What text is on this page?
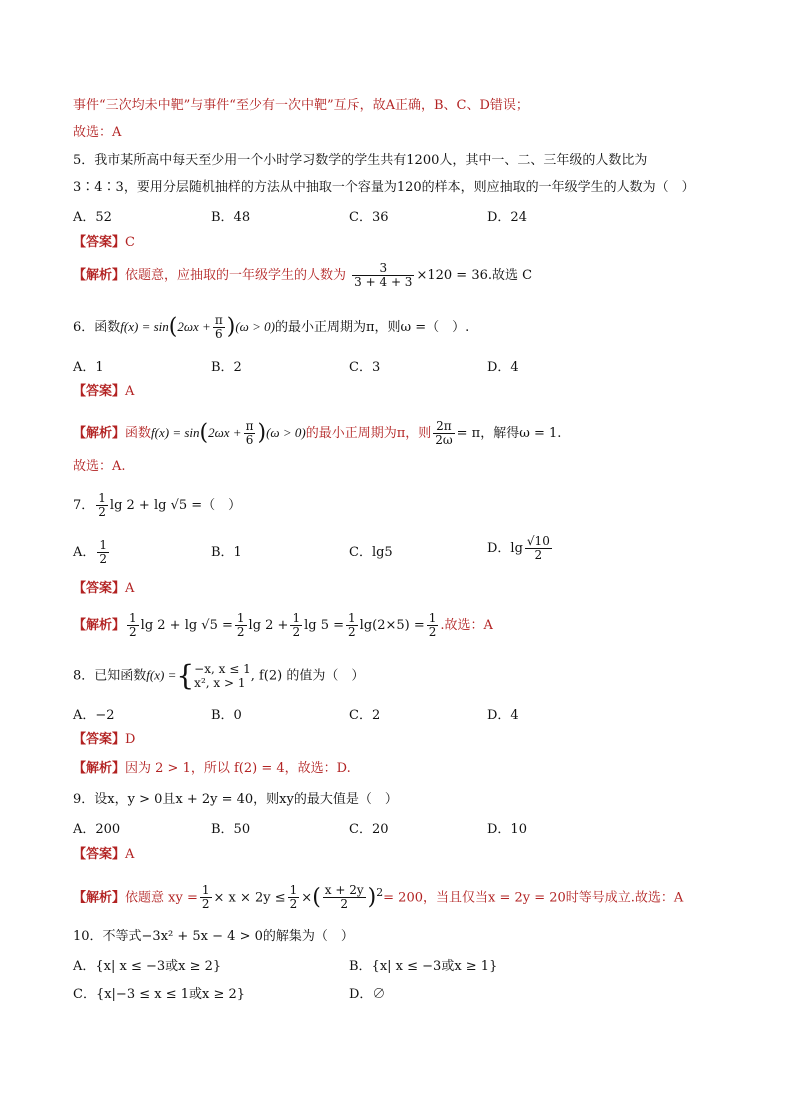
事件“三次均未中靶”与事件“至少有一次中靶”互斥，故A正确，B、C、D错误；
故选：A
5．我市某所高中每天至少用一个小时学习数学的学生共有1200人，其中一、二、三年级的人数比为
3∶4∶3，要用分层随机抽样的方法从中抽取一个容量为120的样本，则应抽取的一年级学生的人数为（　）
A．52	B．48	C．36	D．24
【答案】C
【解析】依题意，应抽取的一年级学生的人数为 $\frac{3}{3 + 4 + 3} \times 120 = 36$.故选 C
6．函数$f(x) = \sin(2\omega x + \frac{\pi}{6} )(\omega > 0)$的最小正周期为π，则ω =（　）.
A．1	B．2	C．3	D．4
【答案】A
【解析】函数$f(x) = \sin(2\omega x + \frac{\pi}{6} )(\omega > 0)$的最小正周期为π，则 $\frac{2\pi}{2\omega} = \pi$，解得ω = 1.
故选：A.
7． $\frac{1}{2}$ lg 2 + lg √5 =（　）
A． $\frac{1}{2}$	B．1	C．lg5	D．$\lg \frac{√10}{2}$
【答案】A
【解析】 $\frac{1}{2}$ $\lg 2 + \lg √5 = \frac{1}{2}$ $\lg 2 + \frac{1}{2}$ $\lg 5 = \frac{1}{2} \lg(2\times 5) = \frac{1}{2}$ .故选：A
8．已知函数f(x) ={ −x, x ≤ 1
x², x > 1 , f(2) 的值为（　）
A．−2	B．0	C．2	D．4
【答案】D
【解析】因为 2 > 1，所以 f(2) = 4，故选：D.
9．设x，y > 0且x + 2y = 40，则xy的最大值是（　）
A．200	B．50	C．20	D．10
【答案】A
【解析】依题意 xy = $\frac{1}{2} \times x \times 2y \le \frac{1}{2}$ ×( $\frac{x + 2y}{2} )^2= 200$，当且仅当x = 2y = 20时等号成立.故选：A
10．不等式−3x² + 5x − 4 > 0的解集为（　）
A．{x| x ≤ −3或x ≥ 2}	B．{x| x ≤ −3或x ≥ 1}
C．{x|−3 ≤ x ≤ 1或x ≥ 2}	D．∅
